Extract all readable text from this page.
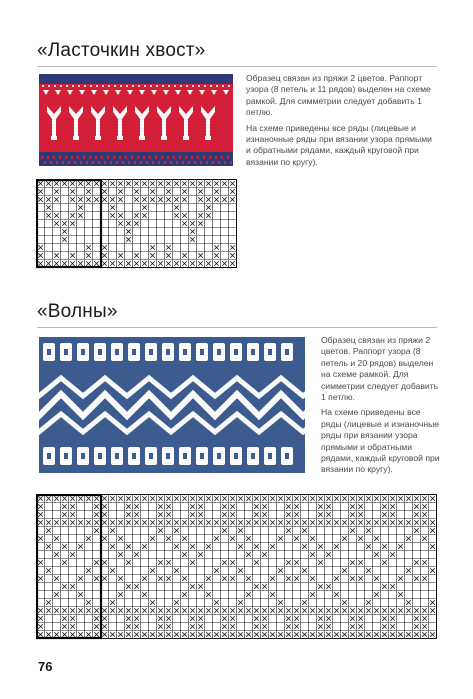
«Ласточкин хвост»

Образец связан из пряжи 2 цветов. Раппорт узора (8 петель и 11 рядов) выделен на схеме рамкой. Для симметрии следует добавить 1 петлю.

На схеме приведены все ряды (лицевые и изнаночные ряды при вязании узора прямыми и обратными рядами, каждый круговой при вязании по кругу).

«Волны»

Образец связан из пряжи 2 цветов. Раппорт узора (8 петель и 20 рядов) выделен на схеме рамкой. Для симметрии следует добавить 1 петлю.

На схеме приведены все ряды (лицевые и изнаночные ряды при вязании узора прямыми и обратными рядами, каждый круговой при вязании по кругу).

76
